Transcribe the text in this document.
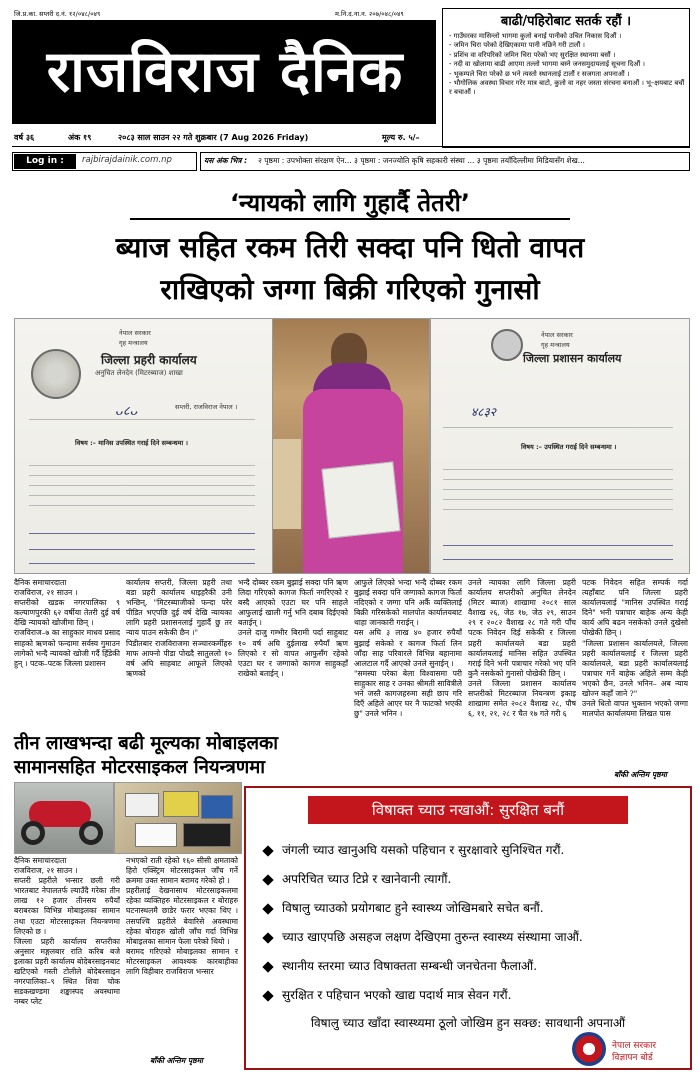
जि.प्र.का. सप्तरी द.नं. १२/०४८/०४९	म.नि.द.ना.न. २०७/०४८/०४९
राजविराज दैनिक
बाढी/पहिरोबाट सतर्क रहौं ।
- गाउँघरका मासिन्लो भागमा कुलो बनाई पानीको उचित निकास दिऔं ।
- जमिन चिरा परेको देखिएकामा पानी नछिने गरी टालौं ।
- प्रशिंच वा वरिपरिको जमिन चिरा परेको भए सुरक्षित स्थानमा बसौं ।
- नदी वा खोलामा बाढी आएमा तल्लो भागमा बस्ने जनसमुदायलाई सूचना दिऔं ।
- भूकम्पले चिरा परेको छ भने त्यस्तो स्थानलाई टालौं र सजगता अपनाऔं ।
- भौगोलिक अवस्था विचार गरेर मात्र बाटो, कुलो वा नहर जस्ता संरचना बनाऔं । भू–क्षयबाट बचौं र बचाऔं ।
वर्ष ३६	अंक १९	२०८३ साल साउन २२ गते शुक्रबार (7 Aug 2026 Friday)	मूल्य रु. ५/–
Log in :	rajbirajdainik.com.np	यस अंक भित्र : २ पृष्ठमा : उपभोक्ता संरक्षण ऐन... ३ पृष्ठमा : जनज्योति कृषि सहकारी संस्था ... ३ पृष्ठमा तयाँदिल्लीमा मिडियासँग शेख...
‘न्यायको लागि गुहार्दै तेतरी’
ब्याज सहित रकम तिरी सक्दा पनि धितो वापत
राखिएको जग्गा बिक्री गरिएको गुनासो
नेपाल सरकार
गृह मन्त्रालय
जिल्ला प्रहरी कार्यालय
अनुचित लेनदेन (मिटरब्याज) शाखा
सप्तरी, राजविराज नेपाल ।
विषय :– मानिस उपस्थित गराई दिने सम्बन्धमा ।
ᴗ८ᴗ
नेपाल सरकार
गृह मन्त्रालय
जिल्ला प्रशासन कार्यालय
४८३२
विषय :– उपस्थित गराई दिने सम्बन्धमा ।
दैनिक समाचारदाता
राजविराज, २१ साउन ।
सप्तरीको खडक नगरपालिका ९ कल्याणपुरकी ६२ वर्षीया तेतरी दुई वर्ष देखि न्यायको खोजीमा छिन् ।
राजविराज–७ का साहुकार माधव प्रसाद साहको ऋणको फन्दामा सर्वस्व गुमाउन लागेको भन्दै न्यायको खोजी गर्दै हिँडेकी हुन् । पटक–पटक जिल्ला प्रशासन
कार्यालय सप्तरी, जिल्ला प्रहरी तथा बडा प्रहरी कार्यालय धाइहरैकी उनी भन्छिन्, "मिटरब्याजीको फन्दा परेर पीडित भएपछि दुई वर्ष देखि न्यायका लागि प्रहरी प्रशासनलाई गुहार्दै छु तर न्याय पाउन सकेकी छैन ।"
पिडीतबार राजविराजमा सञ्चारकर्मीहरु माफ आफ्नो पीडा पोख्दै सातुललो १० वर्ष अघि साहबाट आफूले लिएको ऋणको
भन्दै दोब्बर रकम बुझाई सक्दा पनि ऋण लिदा गरिएको कागज फिर्ता नगरिएको र बस्दै आएको एउटा घर पनि साहले आफुलाई खाली गर्नु भनि दबाब दिईएको बताईन् ।
उनले दाजु गम्भीर बिरामी पर्दा साहुबाट १० वर्ष अघि दुईलाख रुपैयाँ ऋण लिएको र सो वापत आफुसँग रहेको एउटा घर र जग्गाको कागज साहुकहाँ राखेको बताईन् ।
आफुले लिएको भन्दा भन्दै दोब्बर रकम बुझाई सक्दा पनि जग्गाको कागज फिर्ता नदिएको र जग्गा पनि अर्कै व्यक्तिलाई बिक्री गरिसकेको मालपोत कार्यालयबाट थाहा जानकारी गराईन् ।
यस अघि ३ लाख ४० हजार रुपैयाँ बुझाई सकेको र कागज फिर्ता लिन जाँदा साह परिवारले विभिन्न बहानामा आलटाल गर्दै आएको उनले सुनाईन् ।
"समस्या परेका बेला विश्वासमा परी साहुकार साह र उनका श्रीमती सावित्रीले भने जस्तै कागजहरुमा सही छाप गरि दिएँ अहिले आएर घर नै फाटको भएकी छु" उनले भनिन ।
उनले न्यायका लागि जिल्ला प्रहरी कार्यालय सप्तरीको अनुचित लेनदेन (मिटर ब्याज) शाखामा २०८१ साल वैशाख २६, जेठ १७, जेठ २९, साउन २९ र २०८२ वैशाख २८ गते गरी पाँच पटक निवेदन दिई सकेकी र जिल्ला प्रहरी कार्यालयले बडा प्रहरी कार्यालयलाई मानिस सहित उपस्थित गराई दिने भनी पत्राचार गरेको भए पनि कुनै नसकेको गुनासो पोखेकी छिन् ।
उनले जिल्ला प्रशासन कार्यालय सप्तरीको मिटरब्याज नियन्त्रण इकाइ शाखामा समेत २०८२ वैशाख २८, पौष ६, ११, २१, २८ र चैत १७ गते गरी ६
पटक निवेदन सहित सम्पर्क गर्दा त्यहाँबाट पनि जिल्ला प्रहरी कार्यालयलाई "मानिस उपस्थित गराई दिने" भनी पत्राचार बाहेक अन्य केही कार्य अघि बढन नसकेको उनले दुखेसो पोखेकी छिन् ।
"जिल्ला प्रशासन कार्यालयले, जिल्ला प्रहरी कार्यालयलाई र जिल्ला प्रहरी कार्यालयले, बडा प्रहरी कार्यालयलाई पत्राचार गर्ने बाहेक अहिले सम्म केही भएको छैन, उनले भनिन– अब न्याय खोज्न कहाँ जाने ?"
उनले धितो वापत भुक्तान भएको जग्गा मालपोत कार्यालयमा लिखत पास
बाँकी अन्तिम पृष्ठमा
तीन लाखभन्दा बढी मूल्यका मोबाइलका
सामानसहित मोटरसाइकल नियन्त्रणमा
दैनिक समाचारदाता
राजविराज, २१ साउन ।
सप्तरी प्रहरीले भन्सार छली गरी भारतबाट नेपालतर्फ ल्याउँदै गरेका तीन लाख १२ हजार तीनसय रुपैयाँ बराबरका विभिन्न मोबाइलका सामान तथा एउटा मोटरसाइकल नियन्त्रणमा लिएको छ ।
जिल्ला प्रहरी कार्यालय सप्तरीका अनुसार मङ्गलबार राति करिब बजे इलाका प्रहरी कार्यालय बोदेबरसाइनबाट खटिएको गस्ती टोलीले बोदेबरसाइन नगरपालिका–९ स्थित शिवा चोक सडकखण्डमा शङ्कास्पद अवस्थामा नम्बर प्लेट
नभएको राती रहेको १६० सीसी क्षमताको हिरो एक्स्ट्रिम मोटरसाइकल जाँच गर्ने क्रममा उक्त सामान बरामद गरेको हो ।
प्रहरीलाई देखनासाथ मोटरसाइकलमा रहेका व्यक्तिहरु मोटरसाइकल र बोराहरु घटनास्थलमै छाडेर फरार भएका थिए । तसपश्चि प्रहरीले बेवारिसे अवस्थामा रहेका बोराहरु खोली जाँच गर्दा विभिन्न मोबाइलका सामान फेला परेको थियो ।
बरामद गरिएको मोबाइलका सामान र मोटरसाइकल आवश्यक कारबाहीका लागि विहीबार राजविराज भन्सार
बाँकी अन्तिम पृष्ठमा
विषाक्त च्याउ नखाऔं: सुरक्षित बनौं
जंगली च्याउ खानुअघि यसको पहिचान र सुरक्षावारे सुनिश्चित गरौं.
अपरिचित च्याउ टिप्ने र खानेवानी त्यागौं.
विषालु च्याउको प्रयोगबाट हुने स्वास्थ्य जोखिमबारे सचेत बनौं.
च्याउ खाएपछि असहज लक्षण देखिएमा तुरुन्त स्वास्थ्य संस्थामा जाऔं.
स्थानीय स्तरमा च्याउ विषाक्तता सम्बन्धी जनचेतना फैलाऔं.
सुरक्षित र पहिचान भएको खाद्य पदार्थ मात्र सेवन गरौं.
विषालु च्याउ खाँदा स्वास्थ्यमा ठूलो जोखिम हुन सक्छ: सावधानी अपनाऔं
नेपाल सरकार
विज्ञापन बोर्ड
